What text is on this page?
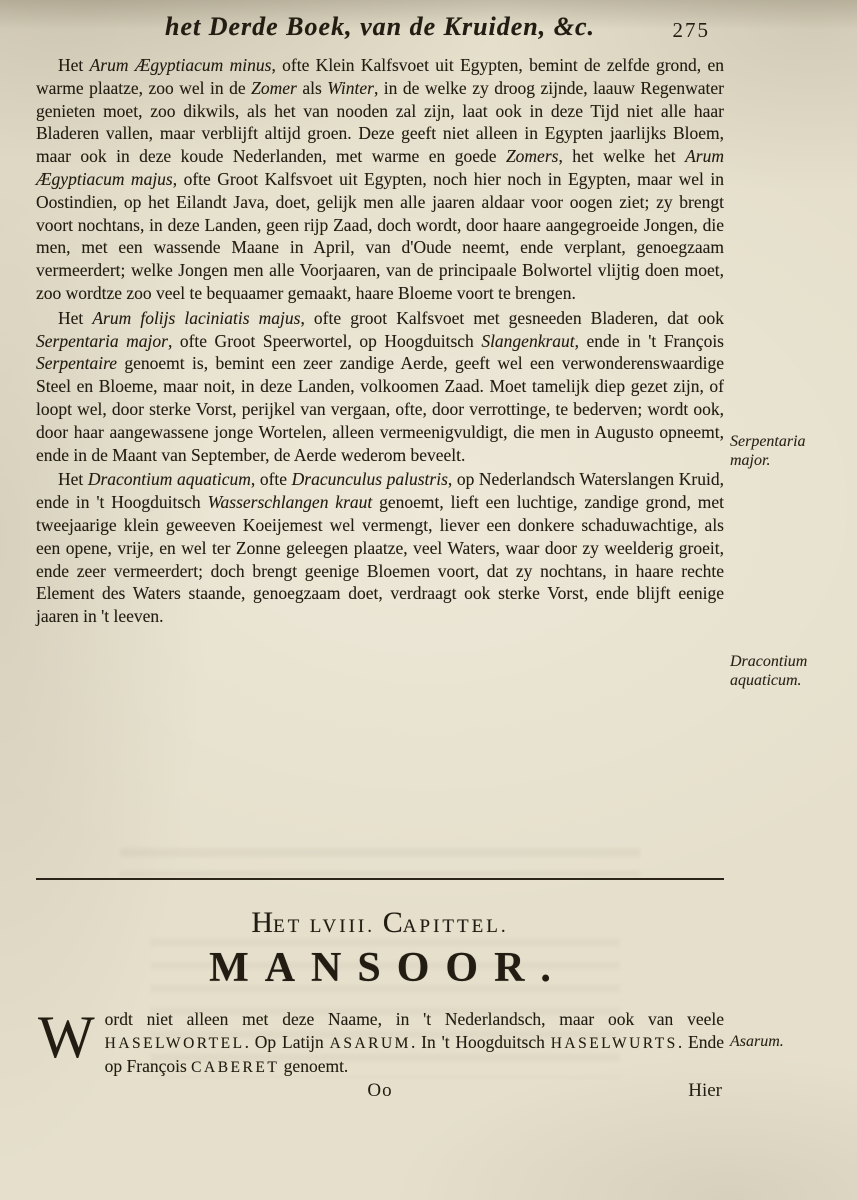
het Derde Boek, van de Kruiden, &c.	275

Het Arum Ægyptiacum minus, ofte Klein Kalfsvoet uit Egypten, bemint de zelfde grond, en warme plaatze, zoo wel in de Zomer als Winter, in de welke zy droog zijnde, laauw Regenwater genieten moet, zoo dikwils, als het van nooden zal zijn, laat ook in deze Tijd niet alle haar Bladeren vallen, maar verblijft altijd groen. Deze geeft niet alleen in Egypten jaarlijks Bloem, maar ook in deze koude Nederlanden, met warme en goede Zomers, het welke het Arum Ægyptiacum majus, ofte Groot Kalfsvoet uit Egypten, noch hier noch in Egypten, maar wel in Oostindien, op het Eilandt Java, doet, gelijk men alle jaaren aldaar voor oogen ziet; zy brengt voort nochtans, in deze Landen, geen rijp Zaad, doch wordt, door haare aangegroeide Jongen, die men, met een wassende Maane in April, van d'Oude neemt, ende verplant, genoegzaam vermeerdert; welke Jongen men alle Voorjaaren, van de principaale Bolwortel vlijtig doen moet, zoo wordtze zoo veel te bequaamer gemaakt, haare Bloeme voort te brengen.

Het Arum folijs laciniatis majus, ofte groot Kalfsvoet met gesneeden Bladeren, dat ook Serpentaria major, ofte Groot Speerwortel, op Hoogduitsch Slangenkraut, ende in 't François Serpentaire genoemt is, bemint een zeer zandige Aerde, geeft wel een verwonderenswaardige Steel en Bloeme, maar noit, in deze Landen, volkoomen Zaad. Moet tamelijk diep gezet zijn, of loopt wel, door sterke Vorst, perijkel van vergaan, ofte, door verrottinge, te bederven; wordt ook, door haar aangewassene jonge Wortelen, alleen vermeenigvuldigt, die men in Augusto opneemt, ende in de Maant van September, de Aerde wederom beveelt.

Het Dracontium aquaticum, ofte Dracunculus palustris, op Nederlandsch Waterslangen Kruid, ende in 't Hoogduitsch Wasserschlangen kraut genoemt, lieft een luchtige, zandige grond, met tweejaarige klein geweeven Koeijemest wel vermengt, liever een donkere schaduwachtige, als een opene, vrije, en wel ter Zonne geleegen plaatze, veel Waters, waar door zy weelderig groeit, ende zeer vermeerdert; doch brengt geenige Bloemen voort, dat zy nochtans, in haare rechte Element des Waters staande, genoegzaam doet, verdraagt ook sterke Vorst, ende blijft eenige jaaren in 't leeven.

Serpentaria major.
Dracontium aquaticum.
Asarum.
HET LVIII. CAPITTEL.
MANSOOR.
Wordt niet alleen met deze Naame, in 't Nederlandsch, maar ook van veele HASELWORTEL. Op Latijn ASARUM. In 't Hoogduitsch HASELWURTS. Ende op François CABERET genoemt.
Oo	Hier
